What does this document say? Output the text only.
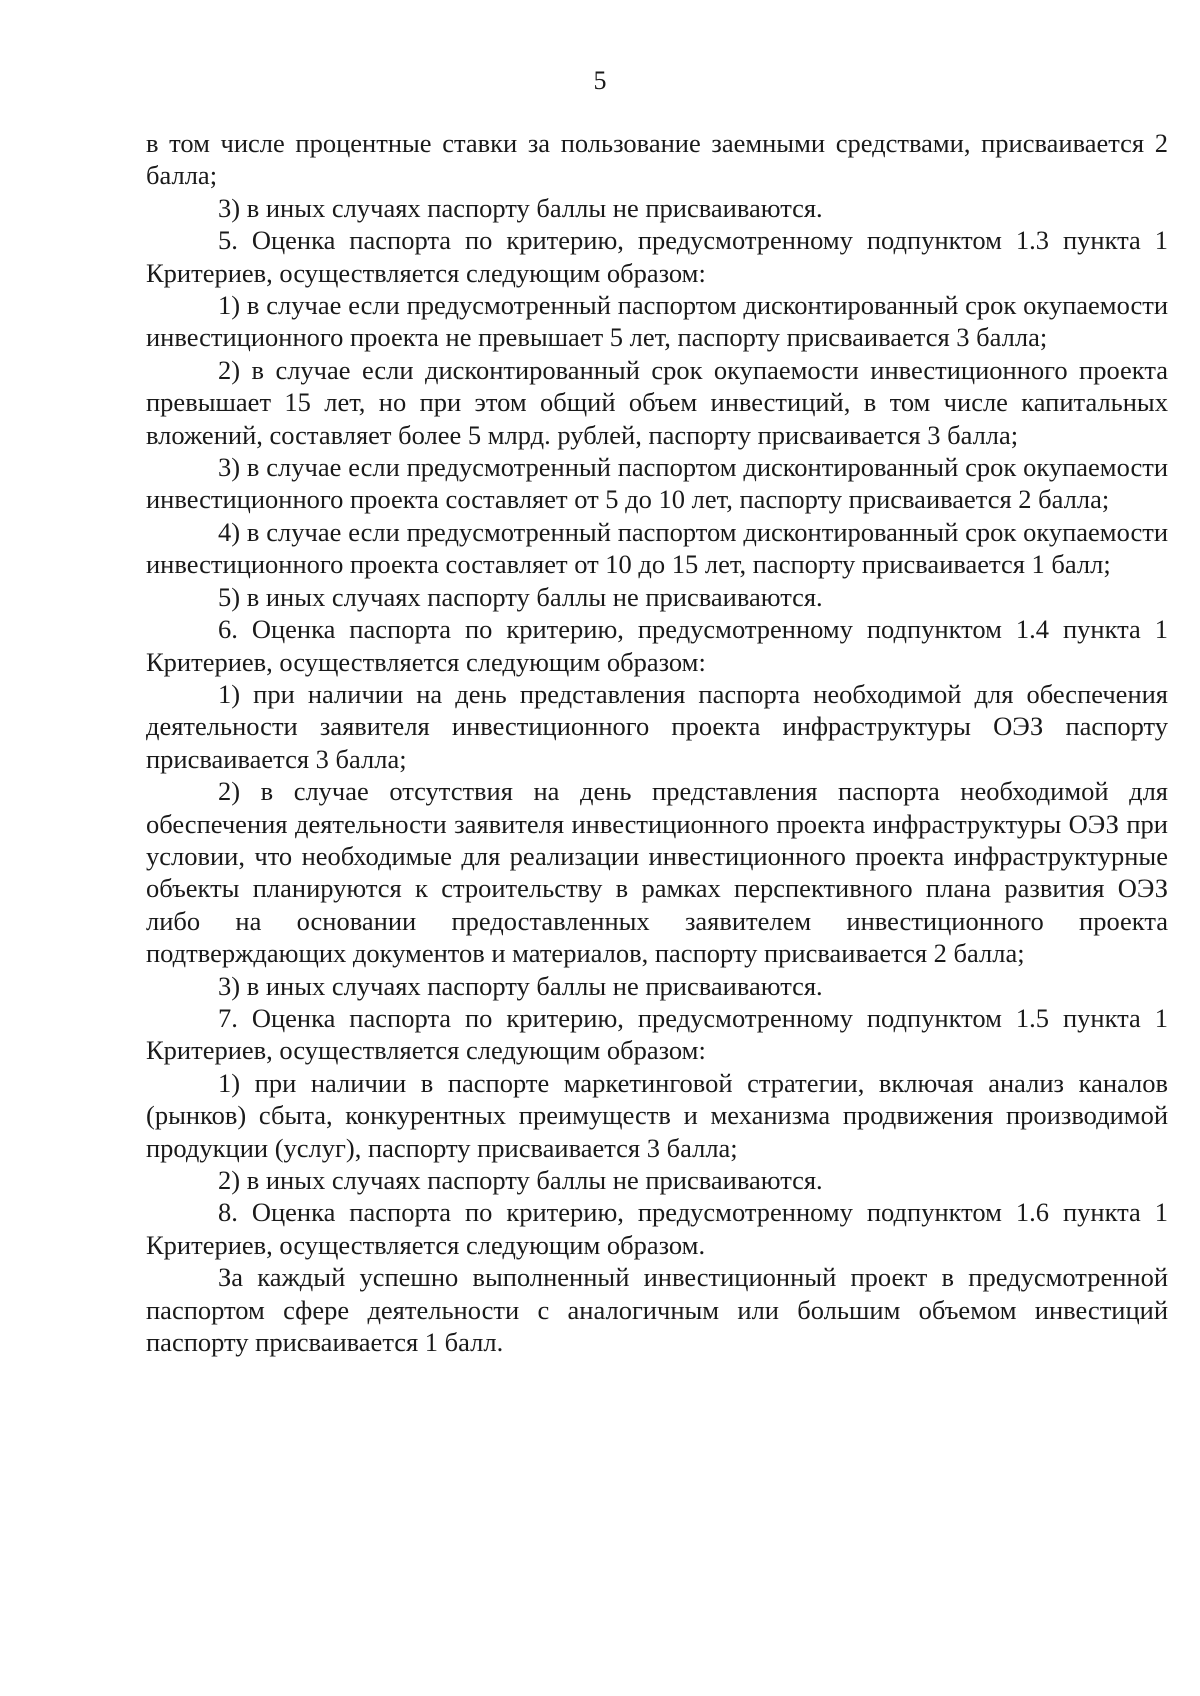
5

в том числе процентные ставки за пользование заемными средствами, присваивается 2 балла;

3) в иных случаях паспорту баллы не присваиваются.

5. Оценка паспорта по критерию, предусмотренному подпунктом 1.3 пункта 1 Критериев, осуществляется следующим образом:

1) в случае если предусмотренный паспортом дисконтированный срок окупаемости инвестиционного проекта не превышает 5 лет, паспорту присваивается 3 балла;

2) в случае если дисконтированный срок окупаемости инвестиционного проекта превышает 15 лет, но при этом общий объем инвестиций, в том числе капитальных вложений, составляет более 5 млрд. рублей, паспорту присваивается 3 балла;

3) в случае если предусмотренный паспортом дисконтированный срок окупаемости инвестиционного проекта составляет от 5 до 10 лет, паспорту присваивается 2 балла;

4) в случае если предусмотренный паспортом дисконтированный срок окупаемости инвестиционного проекта составляет от 10 до 15 лет, паспорту присваивается 1 балл;

5) в иных случаях паспорту баллы не присваиваются.

6. Оценка паспорта по критерию, предусмотренному подпунктом 1.4 пункта 1 Критериев, осуществляется следующим образом:

1) при наличии на день представления паспорта необходимой для обеспечения деятельности заявителя инвестиционного проекта инфраструктуры ОЭЗ паспорту присваивается 3 балла;

2) в случае отсутствия на день представления паспорта необходимой для обеспечения деятельности заявителя инвестиционного проекта инфраструктуры ОЭЗ при условии, что необходимые для реализации инвестиционного проекта инфраструктурные объекты планируются к строительству в рамках перспективного плана развития ОЭЗ либо на основании предоставленных заявителем инвестиционного проекта подтверждающих документов и материалов, паспорту присваивается 2 балла;

3) в иных случаях паспорту баллы не присваиваются.

7. Оценка паспорта по критерию, предусмотренному подпунктом 1.5 пункта 1 Критериев, осуществляется следующим образом:

1) при наличии в паспорте маркетинговой стратегии, включая анализ каналов (рынков) сбыта, конкурентных преимуществ и механизма продвижения производимой продукции (услуг), паспорту присваивается 3 балла;

2) в иных случаях паспорту баллы не присваиваются.

8. Оценка паспорта по критерию, предусмотренному подпунктом 1.6 пункта 1 Критериев, осуществляется следующим образом.

За каждый успешно выполненный инвестиционный проект в предусмотренной паспортом сфере деятельности с аналогичным или большим объемом инвестиций паспорту присваивается 1 балл.
